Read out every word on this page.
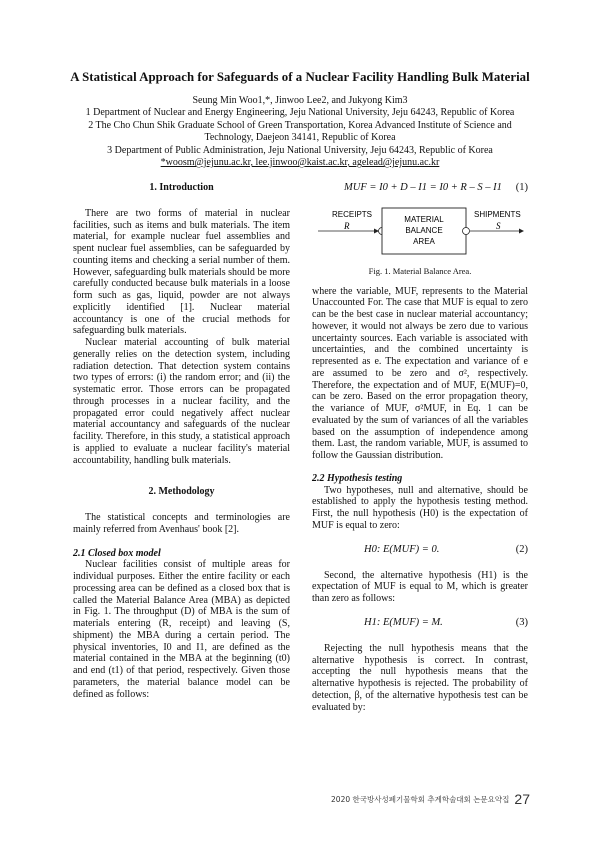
A Statistical Approach for Safeguards of a Nuclear Facility Handling Bulk Material
Seung Min Woo1,*, Jinwoo Lee2, and Jukyong Kim3
1 Department of Nuclear and Energy Engineering, Jeju National University, Jeju 64243, Republic of Korea
2 The Cho Chun Shik Graduate School of Green Transportation, Korea Advanced Institute of Science and
Technology, Daejeon 34141, Republic of Korea
3 Department of Public Administration, Jeju National University, Jeju 64243, Republic of Korea
*woosm@jejunu.ac.kr, lee.jinwoo@kaist.ac.kr, agelead@jejunu.ac.kr
1. Introduction

There are two forms of material in nuclear facilities, such as items and bulk materials. The item material, for example nuclear fuel assemblies and spent nuclear fuel assemblies, can be safeguarded by counting items and checking a serial number of them. However, safeguarding bulk materials should be more carefully conducted because bulk materials in a loose form such as gas, liquid, powder are not always explicitly identified [1]. Nuclear material accountancy is one of the crucial methods for safeguarding bulk materials.

Nuclear material accounting of bulk material generally relies on the detection system, including radiation detection. That detection system contains two types of errors: (i) the random error; and (ii) the systematic error. Those errors can be propagated through processes in a nuclear facility, and the propagated error could negatively affect nuclear material accountancy and safeguards of the nuclear facility. Therefore, in this study, a statistical approach is applied to evaluate a nuclear facility's material accountability, handling bulk materials.

2. Methodology

The statistical concepts and terminologies are mainly referred from Avenhaus' book [2].

2.1 Closed box model

Nuclear facilities consist of multiple areas for individual purposes. Either the entire facility or each processing area can be defined as a closed box that is called the Material Balance Area (MBA) as depicted in Fig. 1. The throughput (D) of MBA is the sum of materials entering (R, receipt) and leaving (S, shipment) the MBA during a certain period. The physical inventories, I0 and I1, are defined as the material contained in the MBA at the beginning (t0) and end (t1) of that period, respectively. Given those parameters, the material balance model can be defined as follows:

MUF = I0 + D – I1 = I0 + R – S – I1 (1)
RECEIPTS
R
MATERIAL
BALANCE
AREA
SHIPMENTS
S
Fig. 1. Material Balance Area.

where the variable, MUF, represents to the Material Unaccounted For. The case that MUF is equal to zero can be the best case in nuclear material accountancy; however, it would not always be zero due to various uncertainty sources. Each variable is associated with uncertainties, and the combined uncertainty is represented as e. The expectation and variance of e are assumed to be zero and σ², respectively. Therefore, the expectation and of MUF, E(MUF)=0, can be zero. Based on the error propagation theory, the variance of MUF, σ²MUF, in Eq. 1 can be evaluated by the sum of variances of all the variables based on the assumption of independence among them. Last, the random variable, MUF, is assumed to follow the Gaussian distribution.

2.2 Hypothesis testing

Two hypotheses, null and alternative, should be established to apply the hypothesis testing method. First, the null hypothesis (H0) is the expectation of MUF is equal to zero:

H0: E(MUF) = 0.	(2)

Second, the alternative hypothesis (H1) is the expectation of MUF is equal to M, which is greater than zero as follows:

H1: E(MUF) = M.	(3)

Rejecting the null hypothesis means that the alternative hypothesis is correct. In contrast, accepting the null hypothesis means that the alternative hypothesis is rejected. The probability of detection, β, of the alternative hypothesis test can be evaluated by:

2020 한국방사성폐기물학회 추계학술대회 논문요약집 27
